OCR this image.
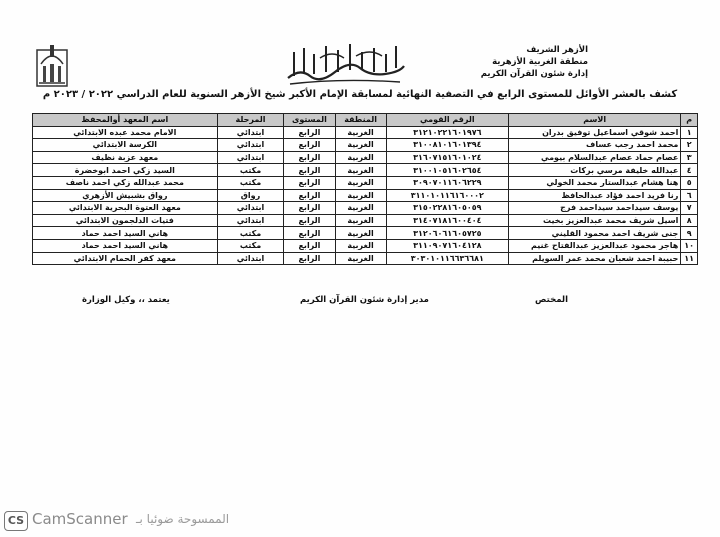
الأزهر الشريف
منطقة الغربية الأزهرية
إدارة شئون القرآن الكريم
كشف بالعشر الأوائل للمستوى الرابع في التصفية النهائية لمسابقة الإمام الأكبر شيخ الأزهر السنوية للعام الدراسي ٢٠٢٢ / ٢٠٢٣ م
م	الاسم	الرقم القومي	المنطقة	المستوى	المرحلة	اسم المعهد أوالمحفظ
١	احمد شوقي اسماعيل توفيق بدران	٣١٢١٠٢٢١٦٠١٩٧٦	الغربية	الرابع	ابتدائي	الامام محمد عبده الابتدائي
٢	محمد احمد رجب عساف	٣١٠٠٨١٠١٦٠١٣٩٤	الغربية	الرابع	ابتدائي	الكرسة الابتدائي
٣	عصام حماد عصام عبدالسلام بيومي	٣١٦٠٧١٥١٦٠١٠٢٤	الغربية	الرابع	ابتدائي	معهد عزبة نظيف
٤	عبدالله خليفة مرسي بركات	٣١٠٠١٠٥١٦٠٢٦٥٤	الغربية	الرابع	مكتب	السيد زكي احمد ابوخضرة
٥	هنا هشام عبدالستار محمد الخولي	٣٠٩٠٧٠١١٦٠٦٢٢٩	الغربية	الرابع	مكتب	محمد عبدالله زكي احمد ناصف
٦	رنا فريد احمد فؤاد عبدالحافظ	٣١١٠١٠١١٦١٦٠٠٠٢	الغربية	الرابع	رواق	رواق بشبيش الأزهري
٧	يوسف سيداحمد سيداحمد فرج	٣١٥٠٢٢٨١٦٠٥٠٥٩	الغربية	الرابع	ابتدائي	معهد العتوة البحرية الابتدائي
٨	اسيل شريف محمد عبدالعزيز بخيت	٣١٤٠٧١٨١٦٠٠٤٠٤	الغربية	الرابع	ابتدائي	فتيات الدلجمون الابتدائي
٩	جنى شريف احمد محمود القليني	٣١٢٠٦٠٦١٦٠٥٧٢٥	الغربية	الرابع	مكتب	هاني السيد احمد حماد
١٠	هاجر محمود عبدالعزيز عبدالفتاح غنيم	٣١١٠٩٠٧١٦٠٤١٢٨	الغربية	الرابع	مكتب	هاني السيد احمد حماد
١١	حبيبة احمد شعبان محمد عمر السويلم	٣٠٣٠١٠١١٦٦٣٦٦٨١	الغربية	الرابع	ابتدائي	معهد كفر الحمام الابتدائي
المختص
مدير إدارة شئون القرآن الكريم
يعتمد ،، وكيل الوزارة
CS CamScanner الممسوحة ضوئيا بـ
